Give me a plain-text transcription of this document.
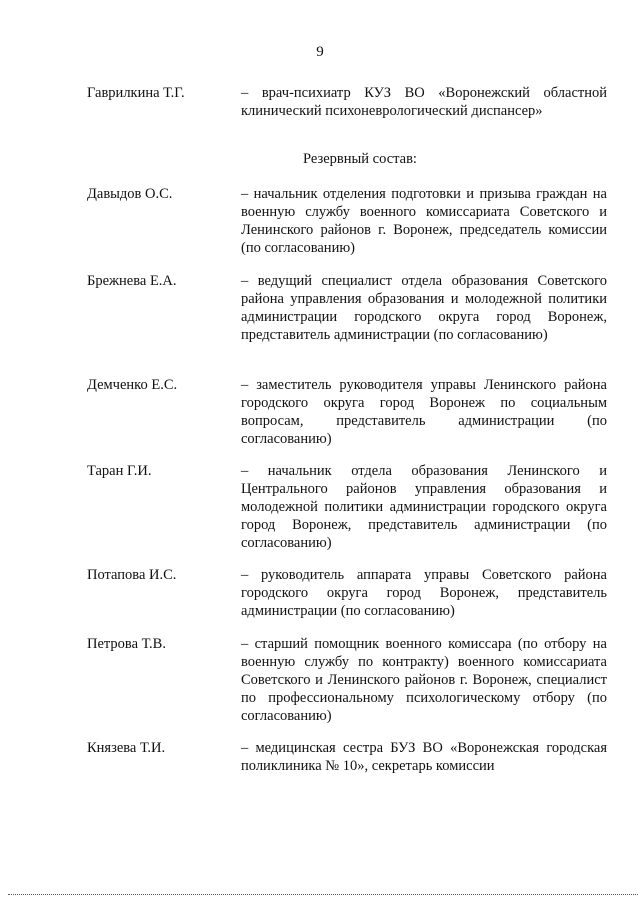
9
Гаврилкина Т.Г.	– врач-психиатр КУЗ ВО «Воронежский областной клинический психоневрологический диспансер»
Резервный состав:
Давыдов О.С.	– начальник отделения подготовки и призыва граждан на военную службу военного комиссариата Советского и Ленинского районов г. Воронеж, председатель комиссии (по согласованию)
Брежнева Е.А.	– ведущий специалист отдела образования Советского района управления образования и молодежной политики администрации городского округа город Воронеж, представитель администрации (по согласованию)
Демченко Е.С.	– заместитель руководителя управы Ленинского района городского округа город Воронеж по социальным вопросам, представитель администрации (по согласованию)
Таран Г.И.	– начальник отдела образования Ленинского и Центрального районов управления образования и молодежной политики администрации городского округа город Воронеж, представитель администрации (по согласованию)
Потапова И.С.	– руководитель аппарата управы Советского района городского округа город Воронеж, представитель администрации (по согласованию)
Петрова Т.В.	– старший помощник военного комиссара (по отбору на военную службу по контракту) военного комиссариата Советского и Ленинского районов г. Воронеж, специалист по профессиональному психологическому отбору (по согласованию)
Князева Т.И.	– медицинская сестра БУЗ ВО «Воронежская городская поликлиника № 10», секретарь комиссии
